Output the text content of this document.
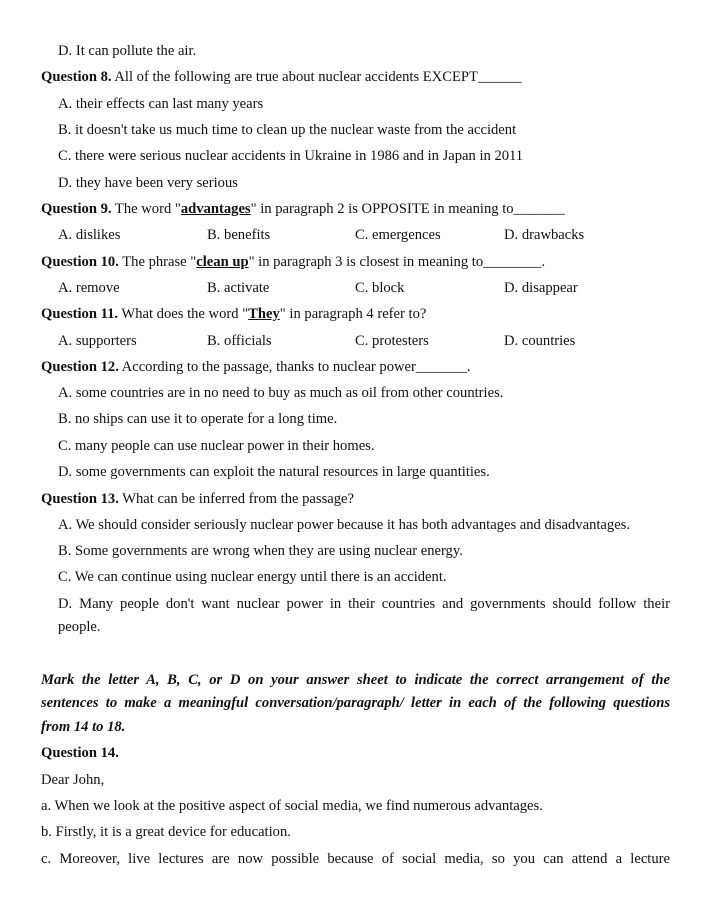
D. It can pollute the air.
Question 8. All of the following are true about nuclear accidents EXCEPT______
A. their effects can last many years
B. it doesn't take us much time to clean up the nuclear waste from the accident
C. there were serious nuclear accidents in Ukraine in 1986 and in Japan in 2011
D. they have been very serious
Question 9. The word "advantages" in paragraph 2 is OPPOSITE in meaning to_______
A. dislikes	B. benefits	C. emergences	D. drawbacks
Question 10. The phrase "clean up" in paragraph 3 is closest in meaning to________.
A. remove	B. activate	C. block	D. disappear
Question 11. What does the word "They" in paragraph 4 refer to?
A. supporters	B. officials	C. protesters	D. countries
Question 12. According to the passage, thanks to nuclear power_______.
A. some countries are in no need to buy as much as oil from other countries.
B. no ships can use it to operate for a long time.
C. many people can use nuclear power in their homes.
D. some governments can exploit the natural resources in large quantities.
Question 13. What can be inferred from the passage?
A. We should consider seriously nuclear power because it has both advantages and disadvantages.
B. Some governments are wrong when they are using nuclear energy.
C. We can continue using nuclear energy until there is an accident.
D. Many people don't want nuclear power in their countries and governments should follow their
people.
Mark the letter A, B, C, or D on your answer sheet to indicate the correct arrangement of the
sentences to make a meaningful conversation/paragraph/ letter in each of the following questions
from 14 to 18.
Question 14.
Dear John,
a. When we look at the positive aspect of social media, we find numerous advantages.
b. Firstly, it is a great device for education.
c. Moreover, live lectures are now possible because of social media, so you can attend a lecture
